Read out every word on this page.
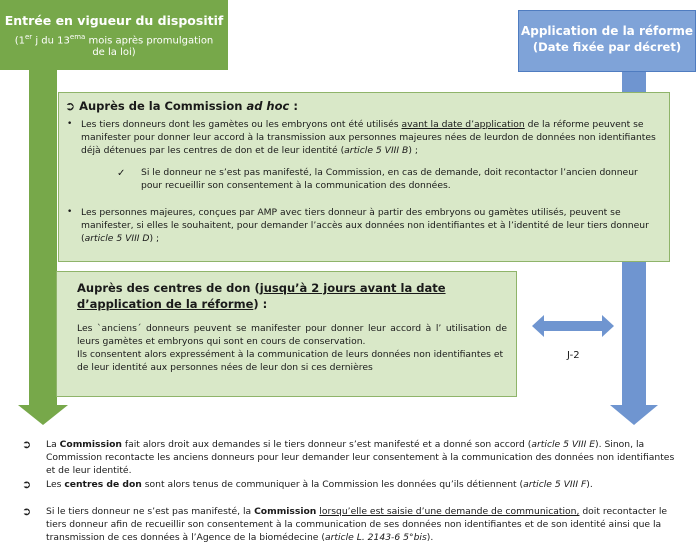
Entrée en vigueur du dispositif
(1er j du $13^{ema}$ mois après promulgation de la loi)
Application de la réforme
(Date fixée par décret)
➲ Auprès de la Commission ad hoc :
• Les tiers donneurs dont les gamètes ou les embryons ont été utilisés avant la date d’application de la réforme peuvent se manifester pour donner leur accord à la transmission aux personnes majeures nées de leurdon de données non identifiantes déjà détenues par les centres de don et de leur identité (article 5 VIII B) ;
✓ Si le donneur ne s’est pas manifesté, la Commission, en cas de demande, doit recontactor l’ancien donneur pour recueillir son consentement à la communication des données.
• Les personnes majeures, conçues par AMP avec tiers donneur à partir des embryons ou gamètes utilisés, peuvent se manifester, si elles le souhaitent, pour demander l’accès aux données non identifiantes et à l’identité de leur tiers donneur (article 5 VIII D) ;
Auprès des centres de don (jusqu’à 2 jours avant la date d’application de la réforme) :
Les `anciens´ donneurs peuvent se manifester pour donner leur accord à l’ utilisation de leurs gamètes et embryons qui sont en cours de conservation.
Ils consentent alors expressément à la communication de leurs données non identifiantes et de leur identité aux personnes nées de leur don si ces dernières
J-2
➲ La Commission fait alors droit aux demandes si le tiers donneur s’est manifesté et a donné son accord (article 5 VIII E). Sinon, la Commission recontacte les anciens donneurs pour leur demander leur consentement à la communication des données non identifiantes et de leur identité.
➲ Les centres de don sont alors tenus de communiquer à la Commission les données qu’ils détiennent (article 5 VIII F).
➲ Si le tiers donneur ne s’est pas manifesté, la Commission lorsqu’elle est saisie d’une demande de communication, doit recontacter le tiers donneur afin de recueillir son consentement à la communication de ses données non identifiantes et de son identité ainsi que la transmission de ces données à l’Agence de la biomédecine (article L. 2143-6 5°bis).
